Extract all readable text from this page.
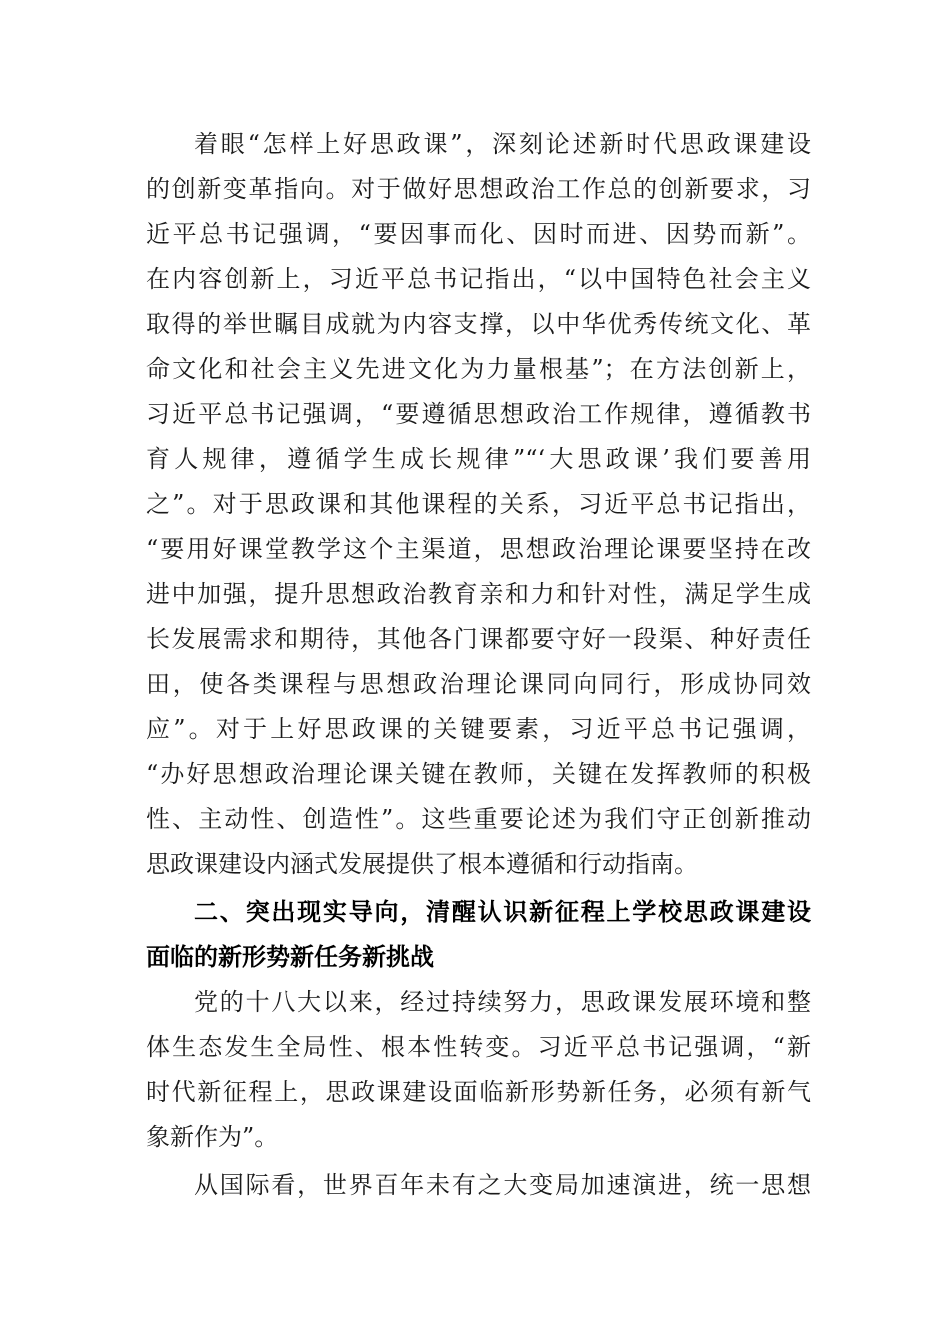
着眼“怎样上好思政课”，深刻论述新时代思政课建设
的创新变革指向。对于做好思想政治工作总的创新要求，习
近平总书记强调，“要因事而化、因时而进、因势而新”。
在内容创新上，习近平总书记指出，“以中国特色社会主义
取得的举世瞩目成就为内容支撑，以中华优秀传统文化、革
命文化和社会主义先进文化为力量根基”；在方法创新上，
习近平总书记强调，“要遵循思想政治工作规律，遵循教书
育人规律，遵循学生成长规律”“‘大思政课’我们要善用
之”。对于思政课和其他课程的关系，习近平总书记指出，
“要用好课堂教学这个主渠道，思想政治理论课要坚持在改
进中加强，提升思想政治教育亲和力和针对性，满足学生成
长发展需求和期待，其他各门课都要守好一段渠、种好责任
田，使各类课程与思想政治理论课同向同行，形成协同效
应”。对于上好思政课的关键要素，习近平总书记强调，
“办好思想政治理论课关键在教师，关键在发挥教师的积极
性、主动性、创造性”。这些重要论述为我们守正创新推动
思政课建设内涵式发展提供了根本遵循和行动指南。
二、突出现实导向，清醒认识新征程上学校思政课建设
面临的新形势新任务新挑战
党的十八大以来，经过持续努力，思政课发展环境和整
体生态发生全局性、根本性转变。习近平总书记强调，“新
时代新征程上，思政课建设面临新形势新任务，必须有新气
象新作为”。
从国际看，世界百年未有之大变局加速演进，统一思想
